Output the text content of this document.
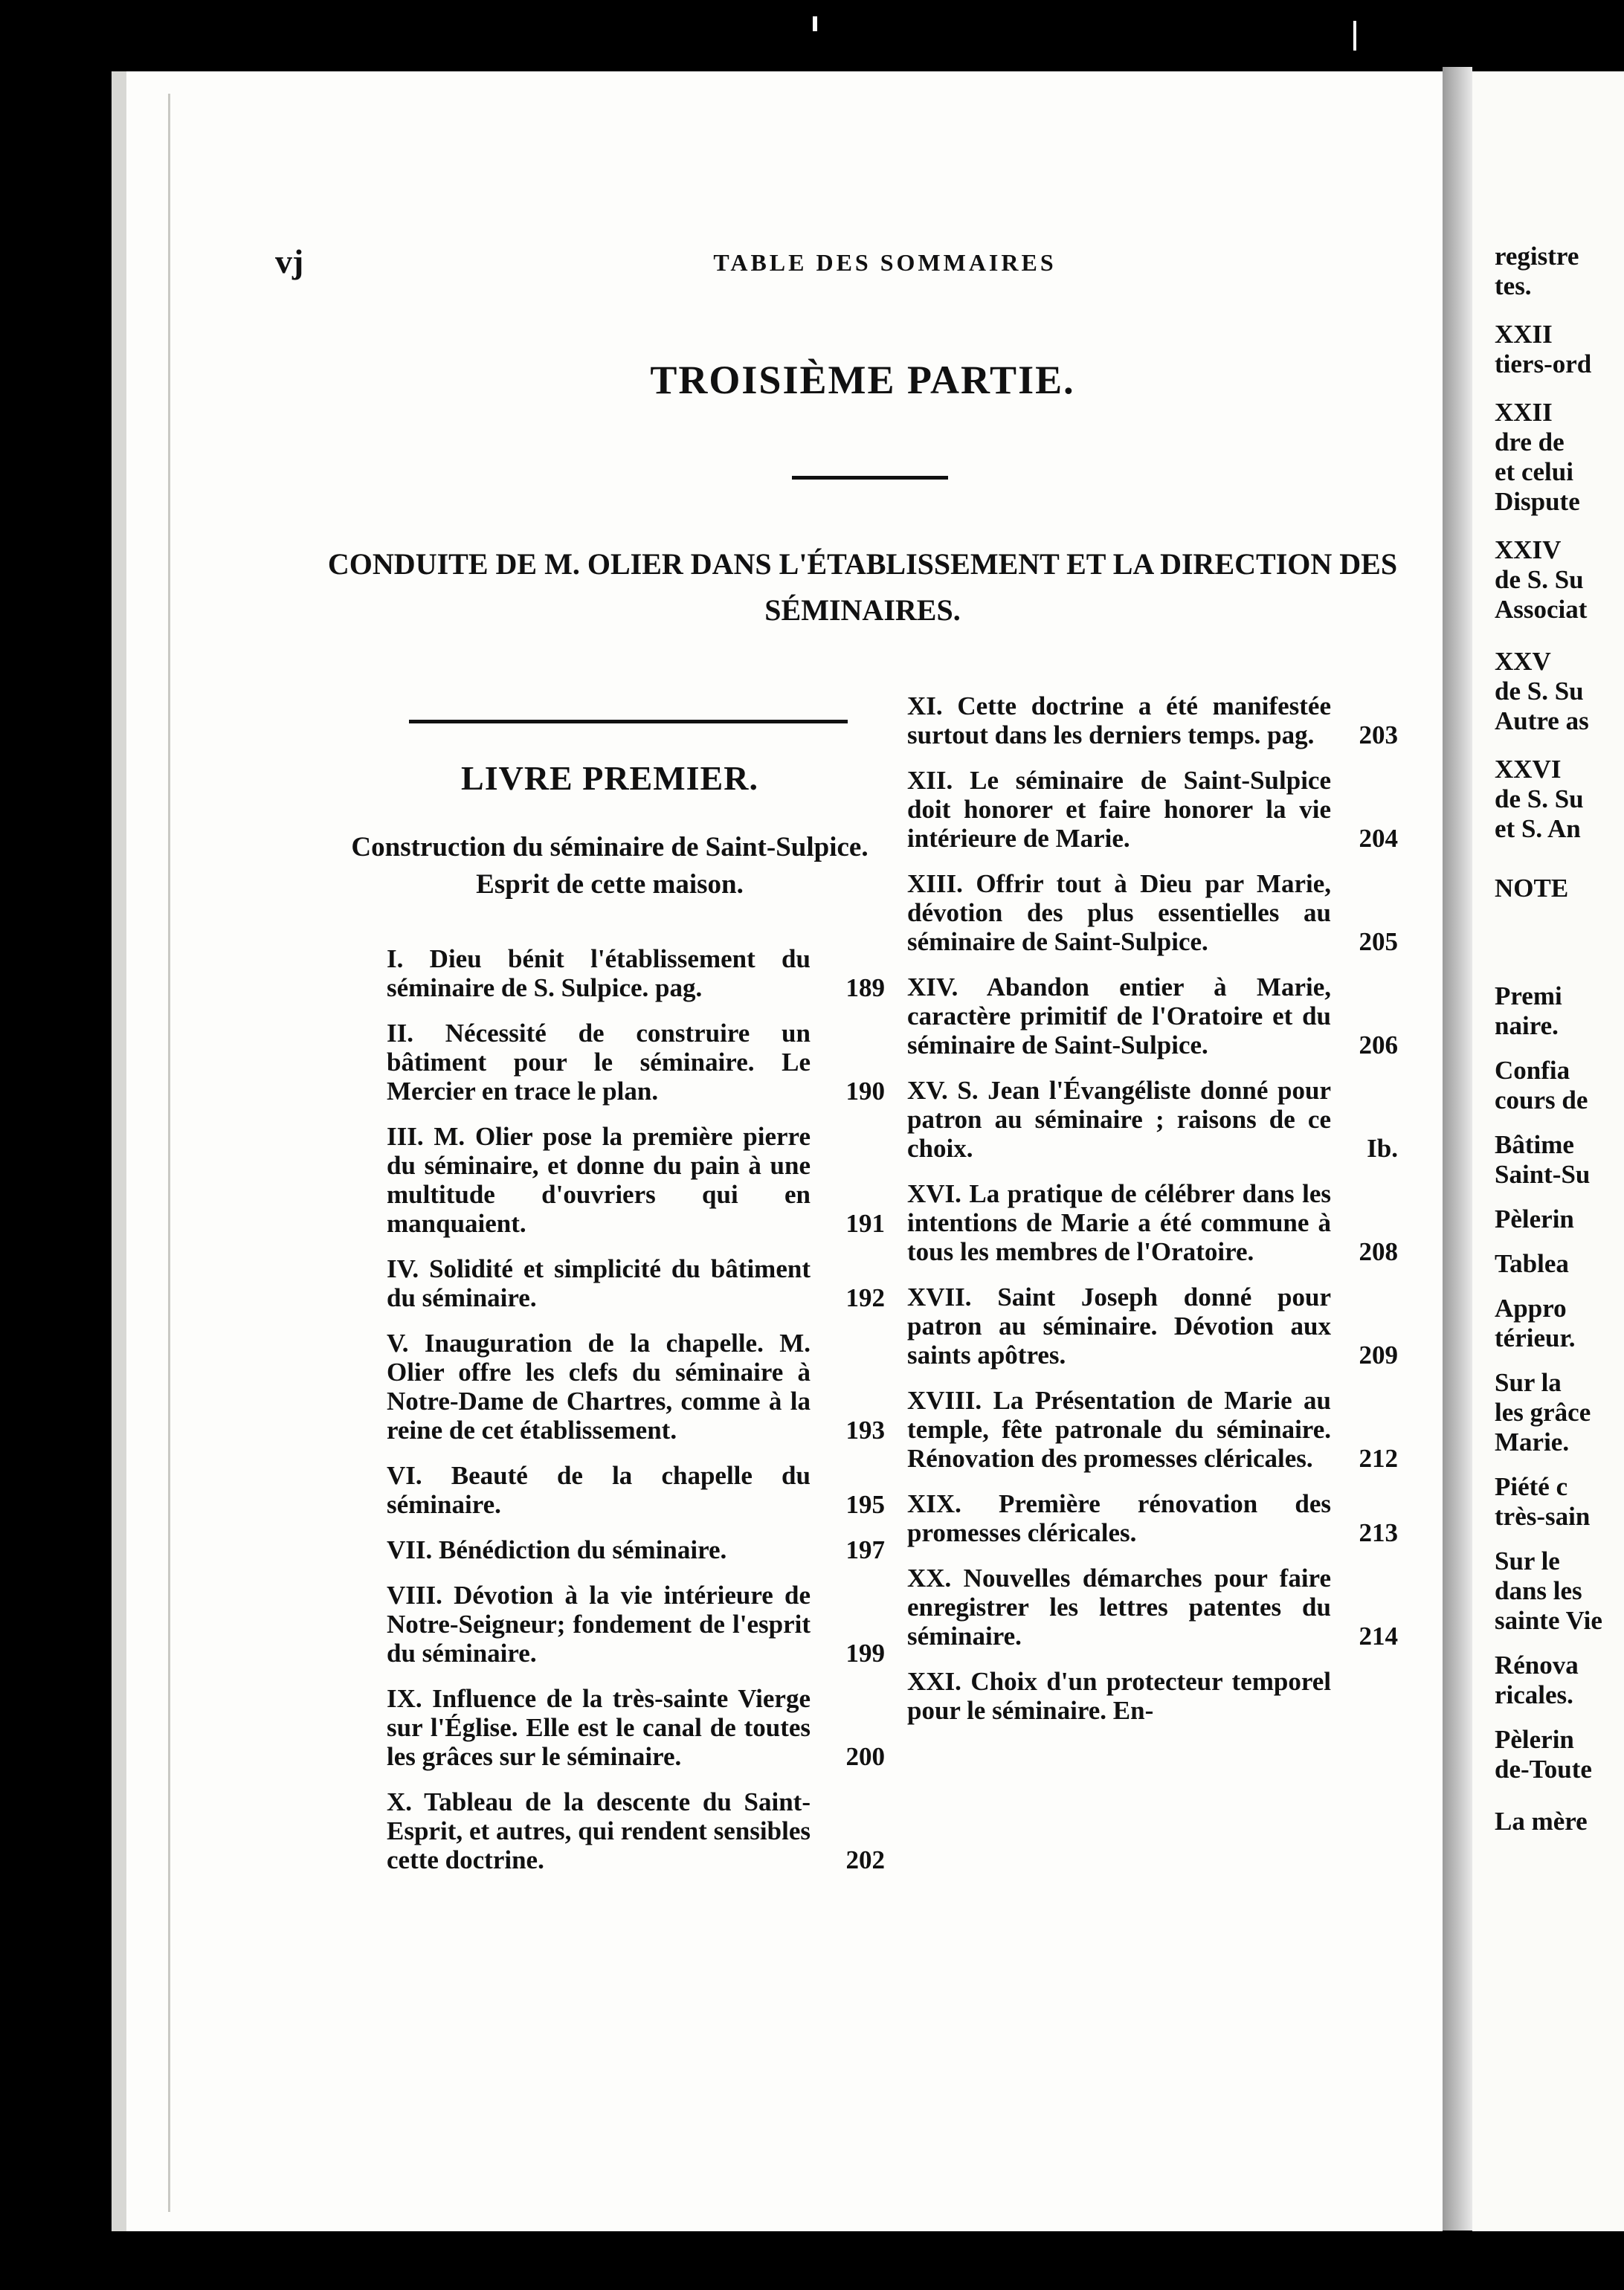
registre
tes.
XXII
tiers-ord
XXII
dre de
et celui
Dispute
XXIV
de S. Su
Associat
XXV
de S. Su
Autre as
XXVI
de S. Su
et S. An
NOTE
Premi
naire.
Confia
cours de
Bâtime
Saint-Su
Pèlerin
Tablea
Appro
térieur.
Sur la
les grâce
Marie.
Piété c
très-sain
Sur le
dans les
sainte Vie
Rénova
ricales.
Pèlerin
de-Toute
La mère
vj	TABLE DES SOMMAIRES
TROISIÈME PARTIE.
CONDUITE DE M. OLIER DANS L'ÉTABLISSEMENT ET LA DIRECTION DES SÉMINAIRES.
LIVRE PREMIER.
Construction du séminaire de Saint-Sulpice. Esprit de cette maison.
I. Dieu bénit l'établissement du séminaire de S. Sulpice. pag.	189
II. Nécessité de construire un bâtiment pour le séminaire. Le Mercier en trace le plan.	190
III. M. Olier pose la première pierre du séminaire, et donne du pain à une multitude d'ouvriers qui en manquaient.	191
IV. Solidité et simplicité du bâtiment du séminaire.	192
V. Inauguration de la chapelle. M. Olier offre les clefs du séminaire à Notre-Dame de Chartres, comme à la reine de cet établissement.	193
VI. Beauté de la chapelle du séminaire.	195
VII. Bénédiction du séminaire.	197
VIII. Dévotion à la vie intérieure de Notre-Seigneur; fondement de l'esprit du séminaire.	199
IX. Influence de la très-sainte Vierge sur l'Église. Elle est le canal de toutes les grâces sur le séminaire.	200
X. Tableau de la descente du Saint-Esprit, et autres, qui rendent sensibles cette doctrine.	202
XI. Cette doctrine a été manifestée surtout dans les derniers temps. pag.	203
XII. Le séminaire de Saint-Sulpice doit honorer et faire honorer la vie intérieure de Marie.	204
XIII. Offrir tout à Dieu par Marie, dévotion des plus essentielles au séminaire de Saint-Sulpice.	205
XIV. Abandon entier à Marie, caractère primitif de l'Oratoire et du séminaire de Saint-Sulpice.	206
XV. S. Jean l'Évangéliste donné pour patron au séminaire ; raisons de ce choix.	Ib.
XVI. La pratique de célébrer dans les intentions de Marie a été commune à tous les membres de l'Oratoire.	208
XVII. Saint Joseph donné pour patron au séminaire. Dévotion aux saints apôtres.	209
XVIII. La Présentation de Marie au temple, fête patronale du séminaire. Rénovation des promesses cléricales.	212
XIX. Première rénovation des promesses cléricales.	213
XX. Nouvelles démarches pour faire enregistrer les lettres patentes du séminaire.	214
XXI. Choix d'un protecteur temporel pour le séminaire. En-
